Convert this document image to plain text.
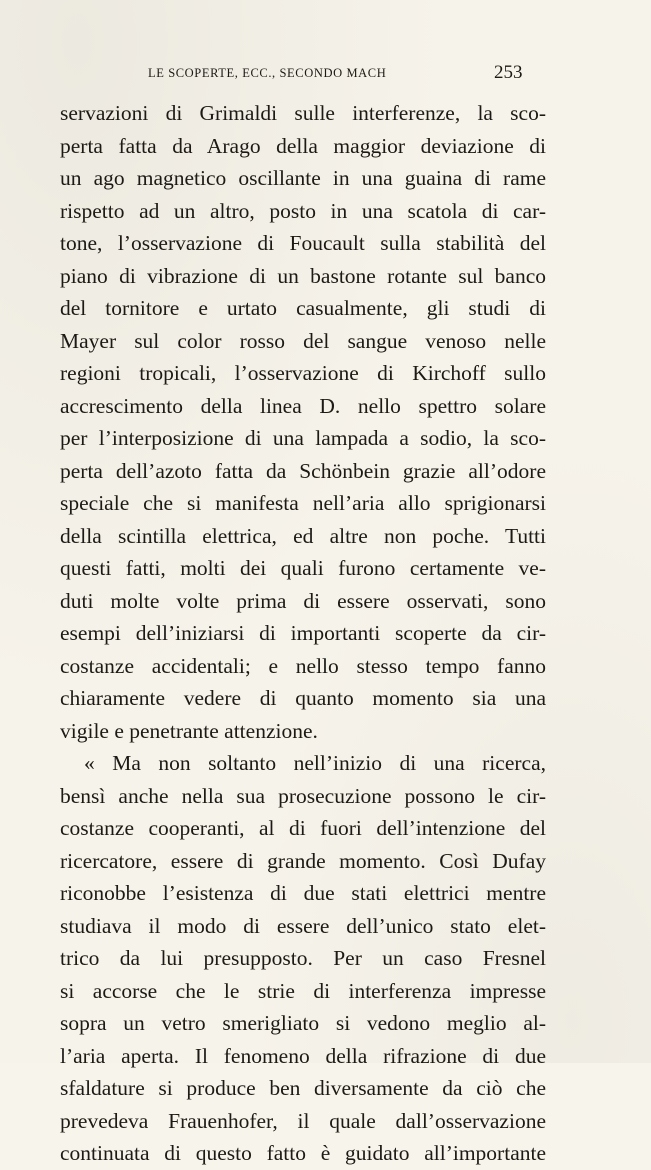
LE SCOPERTE, ECC., SECONDO MACH	253
servazioni di Grimaldi sulle interferenze, la sco-
perta fatta da Arago della maggior deviazione di
un ago magnetico oscillante in una guaina di rame
rispetto ad un altro, posto in una scatola di car-
tone, l’osservazione di Foucault sulla stabilità del
piano di vibrazione di un bastone rotante sul banco
del tornitore e urtato casualmente, gli studi di
Mayer sul color rosso del sangue venoso nelle
regioni tropicali, l’osservazione di Kirchoff sullo
accrescimento della linea D. nello spettro solare
per l’interposizione di una lampada a sodio, la sco-
perta dell’azoto fatta da Schönbein grazie all’odore
speciale che si manifesta nell’aria allo sprigionarsi
della scintilla elettrica, ed altre non poche. Tutti
questi fatti, molti dei quali furono certamente ve-
duti molte volte prima di essere osservati, sono
esempi dell’iniziarsi di importanti scoperte da cir-
costanze accidentali; e nello stesso tempo fanno
chiaramente vedere di quanto momento sia una
vigile e penetrante attenzione.
« Ma non soltanto nell’inizio di una ricerca,
bensì anche nella sua prosecuzione possono le cir-
costanze cooperanti, al di fuori dell’intenzione del
ricercatore, essere di grande momento. Così Dufay
riconobbe l’esistenza di due stati elettrici mentre
studiava il modo di essere dell’unico stato elet-
trico da lui presupposto. Per un caso Fresnel
si accorse che le strie di interferenza impresse
sopra un vetro smerigliato si vedono meglio al-
l’aria aperta. Il fenomeno della rifrazione di due
sfaldature si produce ben diversamente da ciò che
prevedeva Frauenhofer, il quale dall’osservazione
continuata di questo fatto è guidato all’importante
